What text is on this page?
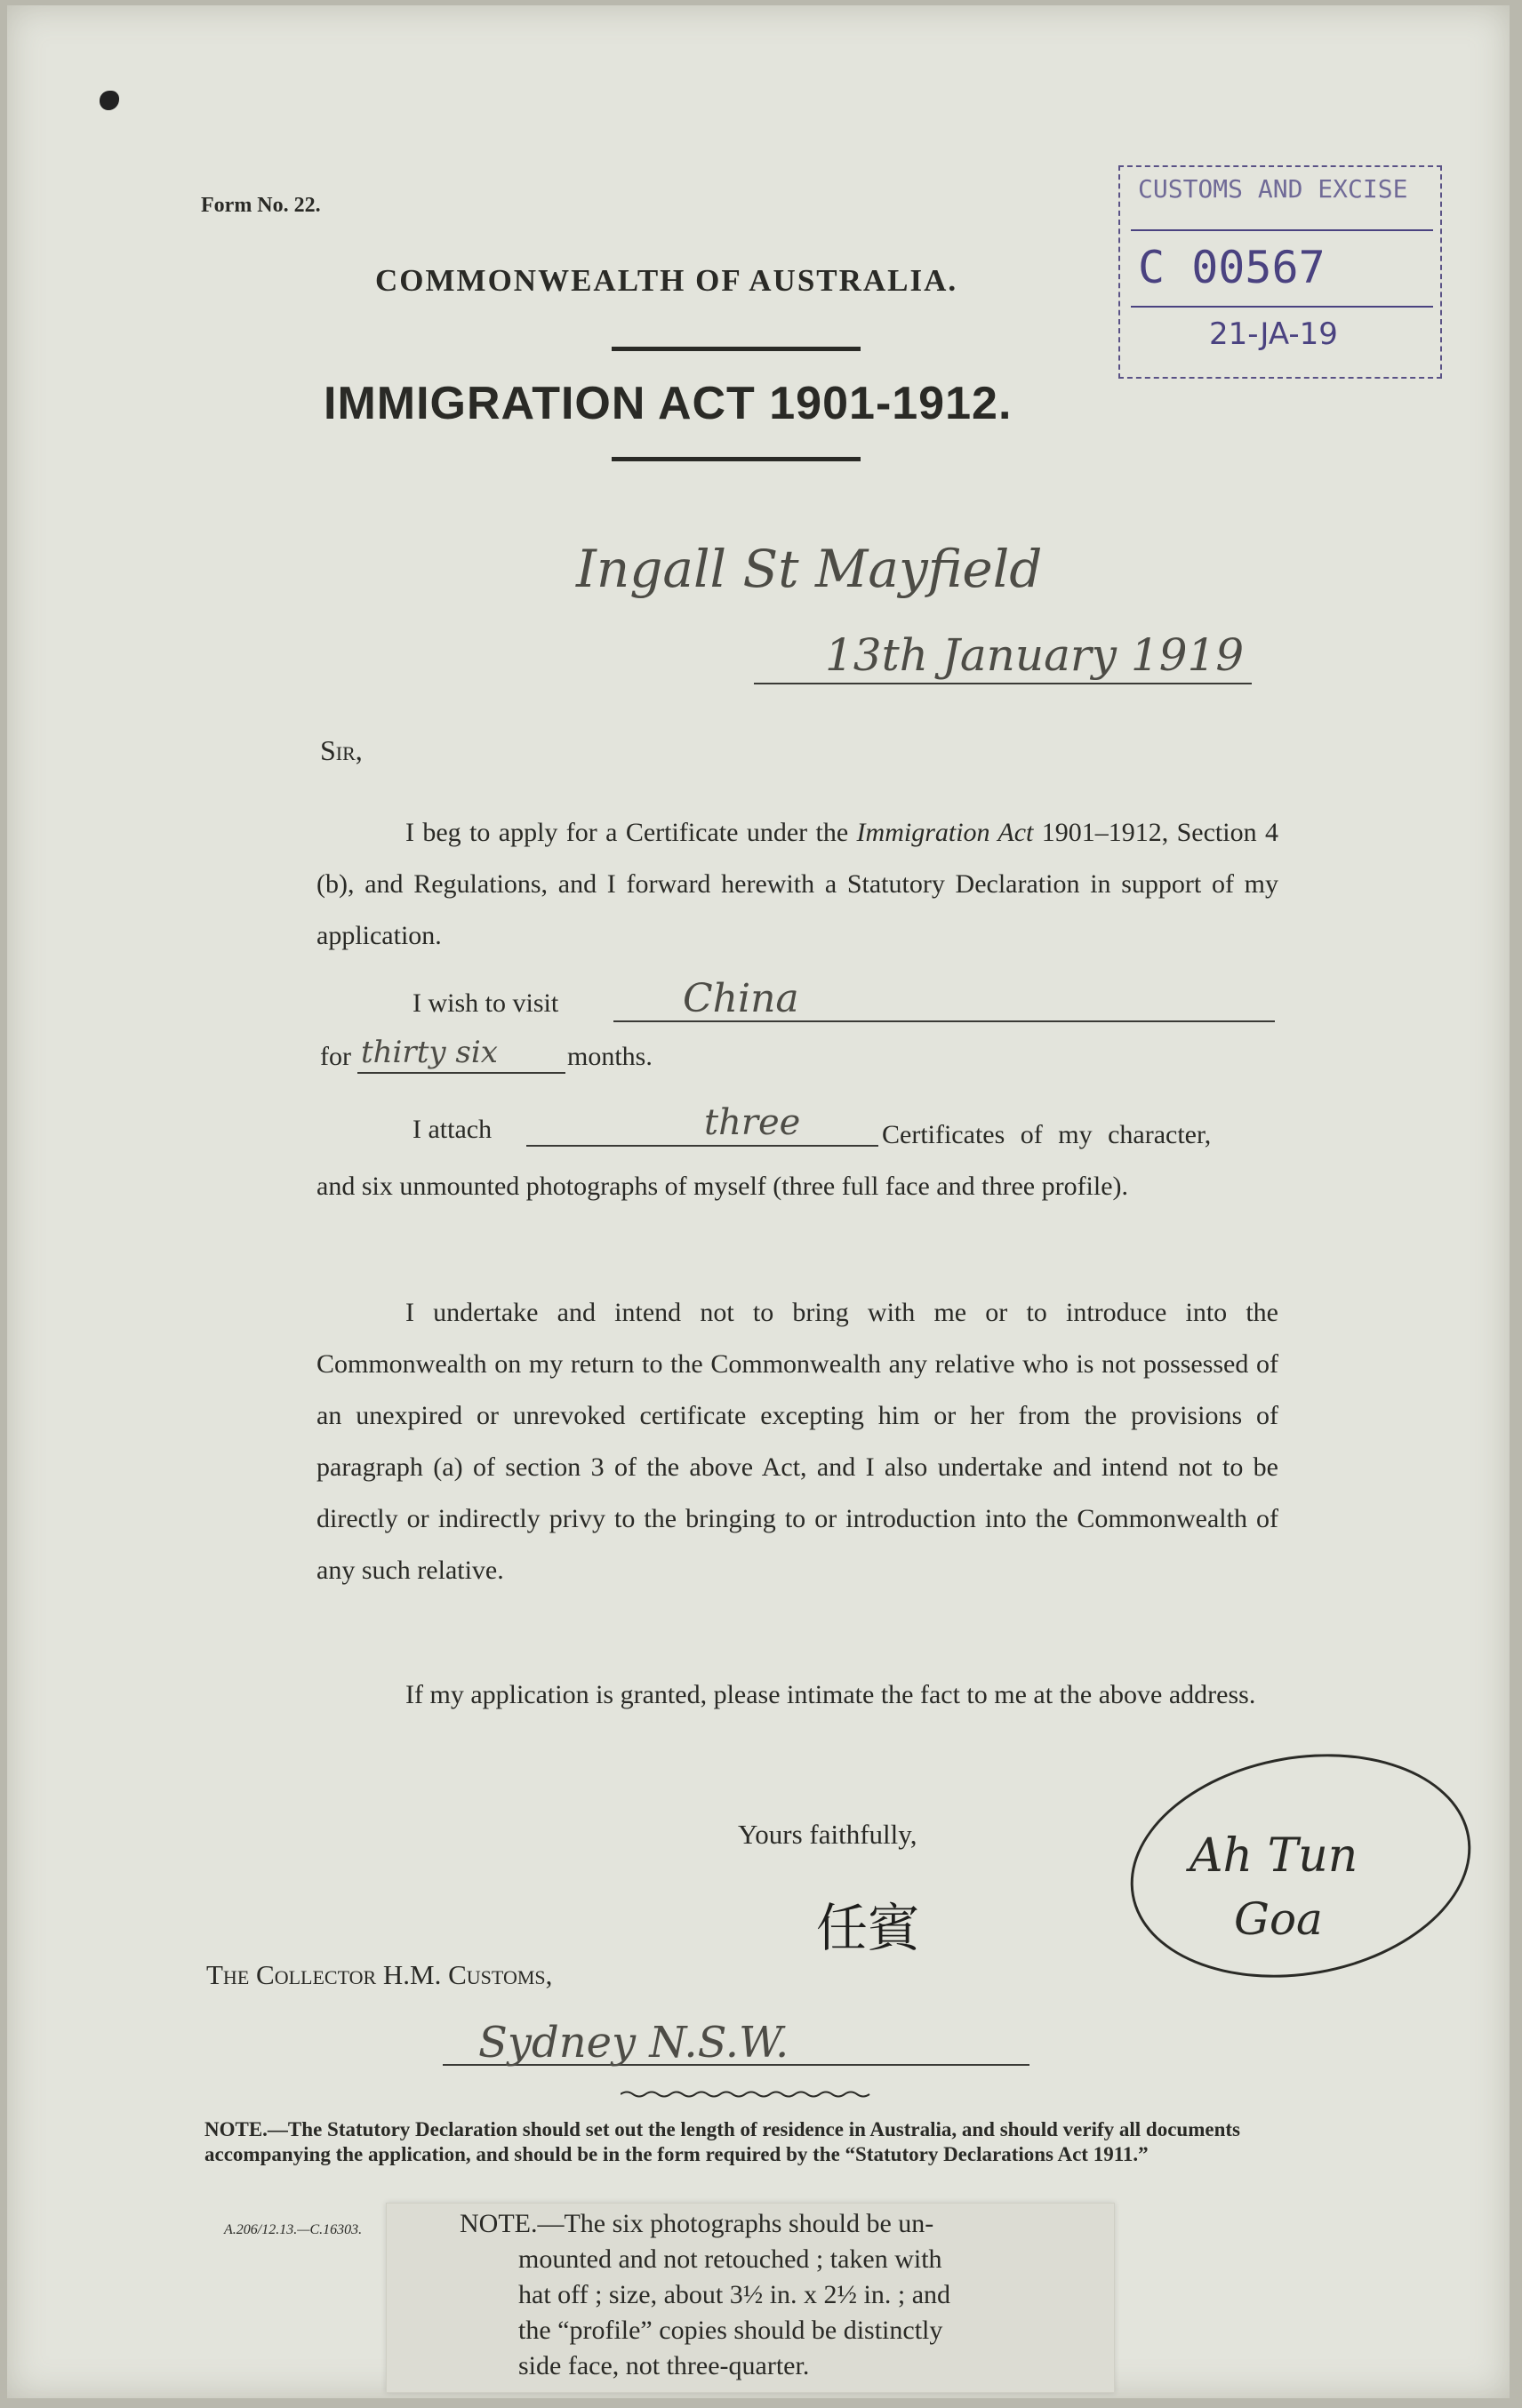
Form No. 22.
COMMONWEALTH OF AUSTRALIA.
IMMIGRATION ACT 1901-1912.
CUSTOMS AND EXCISE
C 00567
21-JA-19
Ingall St Mayfield
13th January 1919
Sir,
I beg to apply for a Certificate under the Immigration Act 1901–1912, Section 4 (b), and Regulations, and I forward herewith a Statutory Declaration in support of my application.
I wish to visit	China
for thirty six	months.
I attach	three	Certificates of my character,
and six unmounted photographs of myself (three full face and three profile).
I undertake and intend not to bring with me or to introduce into the Commonwealth on my return to the Commonwealth any relative who is not possessed of an unexpired or unrevoked certificate excepting him or her from the provisions of paragraph (a) of section 3 of the above Act, and I also undertake and intend not to be directly or indirectly privy to the bringing to or introduction into the Commonwealth of any such relative.
If my application is granted, please intimate the fact to me at the above address.
Yours faithfully,
任賓
Ah Tun
Goa
The Collector H.M. Customs,
Sydney N.S.W.
NOTE.—The Statutory Declaration should set out the length of residence in Australia, and should verify all documents accompanying the application, and should be in the form required by the “Statutory Declarations Act 1911.”
A.206/12.13.—C.16303.	NOTE.—The six photographs should be un-
mounted and not retouched ; taken with
hat off ; size, about 3½ in. x 2½ in. ; and
the “profile” copies should be distinctly
side face, not three-quarter.
